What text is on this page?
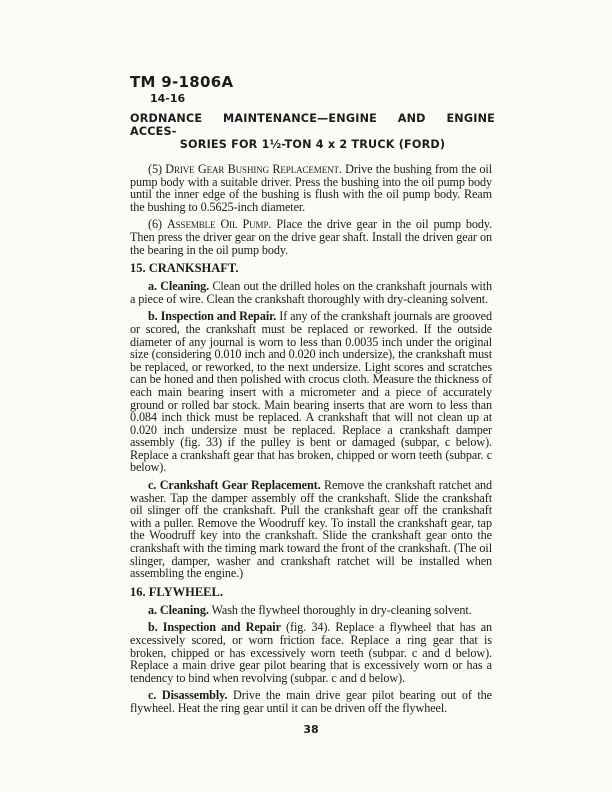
TM 9-1806A
14-16
ORDNANCE MAINTENANCE—ENGINE AND ENGINE ACCES-
SORIES FOR 1½-TON 4 x 2 TRUCK (FORD)

(5) Drive Gear Bushing Replacement. Drive the bushing from the oil pump body with a suitable driver. Press the bushing into the oil pump body until the inner edge of the bushing is flush with the oil pump body. Ream the bushing to 0.5625-inch diameter.

(6) Assemble Oil Pump. Place the drive gear in the oil pump body. Then press the driver gear on the drive gear shaft. Install the driven gear on the bearing in the oil pump body.

15. CRANKSHAFT.

a. Cleaning. Clean out the drilled holes on the crankshaft journals with a piece of wire. Clean the crankshaft thoroughly with dry-cleaning solvent.

b. Inspection and Repair. If any of the crankshaft journals are grooved or scored, the crankshaft must be replaced or reworked. If the outside diameter of any journal is worn to less than 0.0035 inch under the original size (considering 0.010 inch and 0.020 inch undersize), the crankshaft must be replaced, or reworked, to the next undersize. Light scores and scratches can be honed and then polished with crocus cloth. Measure the thickness of each main bearing insert with a micrometer and a piece of accurately ground or rolled bar stock. Main bearing inserts that are worn to less than 0.084 inch thick must be replaced. A crankshaft that will not clean up at 0.020 inch undersize must be replaced. Replace a crankshaft damper assembly (fig. 33) if the pulley is bent or damaged (subpar, c below). Replace a crankshaft gear that has broken, chipped or worn teeth (subpar. c below).

c. Crankshaft Gear Replacement. Remove the crankshaft ratchet and washer. Tap the damper assembly off the crankshaft. Slide the crankshaft oil slinger off the crankshaft. Pull the crankshaft gear off the crankshaft with a puller. Remove the Woodruff key. To install the crankshaft gear, tap the Woodruff key into the crankshaft. Slide the crankshaft gear onto the crankshaft with the timing mark toward the front of the crankshaft. (The oil slinger, damper, washer and crankshaft ratchet will be installed when assembling the engine.)

16. FLYWHEEL.

a. Cleaning. Wash the flywheel thoroughly in dry-cleaning solvent.

b. Inspection and Repair (fig. 34). Replace a flywheel that has an excessively scored, or worn friction face. Replace a ring gear that is broken, chipped or has excessively worn teeth (subpar. c and d below). Replace a main drive gear pilot bearing that is excessively worn or has a tendency to bind when revolving (subpar. c and d below).

c. Disassembly. Drive the main drive gear pilot bearing out of the flywheel. Heat the ring gear until it can be driven off the flywheel.

38
